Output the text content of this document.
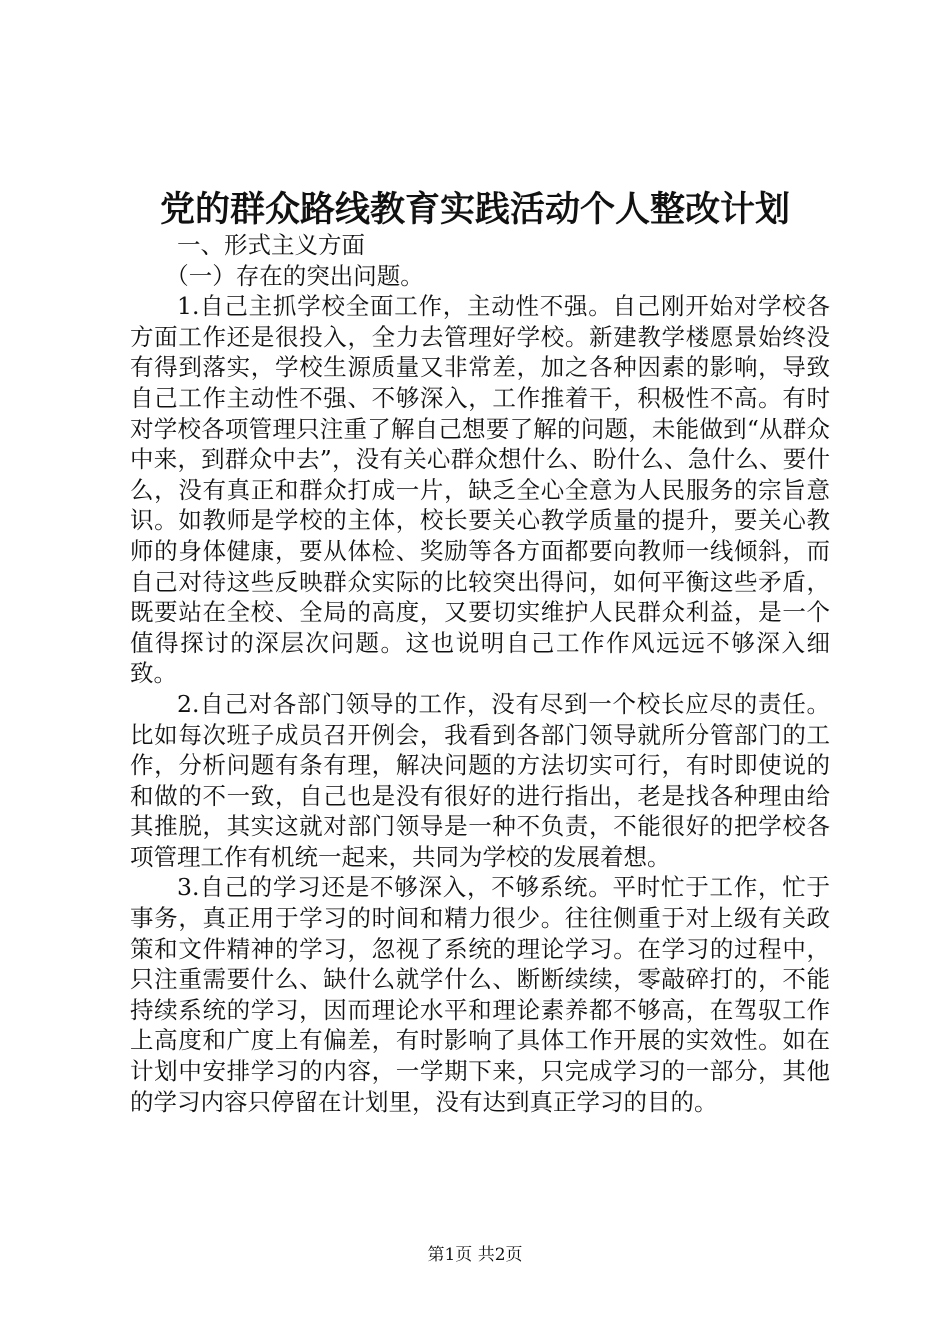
党的群众路线教育实践活动个人整改计划

一、形式主义方面

（一）存在的突出问题。

1.自己主抓学校全面工作，主动性不强。自己刚开始对学校各方面工作还是很投入，全力去管理好学校。新建教学楼愿景始终没有得到落实，学校生源质量又非常差，加之各种因素的影响，导致自己工作主动性不强、不够深入，工作推着干，积极性不高。有时对学校各项管理只注重了解自己想要了解的问题，未能做到“从群众中来，到群众中去”，没有关心群众想什么、盼什么、急什么、要什么，没有真正和群众打成一片，缺乏全心全意为人民服务的宗旨意识。如教师是学校的主体，校长要关心教学质量的提升，要关心教师的身体健康，要从体检、奖励等各方面都要向教师一线倾斜，而自己对待这些反映群众实际的比较突出得问，如何平衡这些矛盾，既要站在全校、全局的高度，又要切实维护人民群众利益，是一个值得探讨的深层次问题。这也说明自己工作作风远远不够深入细致。

2.自己对各部门领导的工作，没有尽到一个校长应尽的责任。比如每次班子成员召开例会，我看到各部门领导就所分管部门的工作，分析问题有条有理，解决问题的方法切实可行，有时即使说的和做的不一致，自己也是没有很好的进行指出，老是找各种理由给其推脱，其实这就对部门领导是一种不负责，不能很好的把学校各项管理工作有机统一起来，共同为学校的发展着想。

3.自己的学习还是不够深入，不够系统。平时忙于工作，忙于事务，真正用于学习的时间和精力很少。往往侧重于对上级有关政策和文件精神的学习，忽视了系统的理论学习。在学习的过程中，只注重需要什么、缺什么就学什么、断断续续，零敲碎打的，不能持续系统的学习，因而理论水平和理论素养都不够高，在驾驭工作上高度和广度上有偏差，有时影响了具体工作开展的实效性。如在计划中安排学习的内容，一学期下来，只完成学习的一部分，其他的学习内容只停留在计划里，没有达到真正学习的目的。

第1页 共2页
